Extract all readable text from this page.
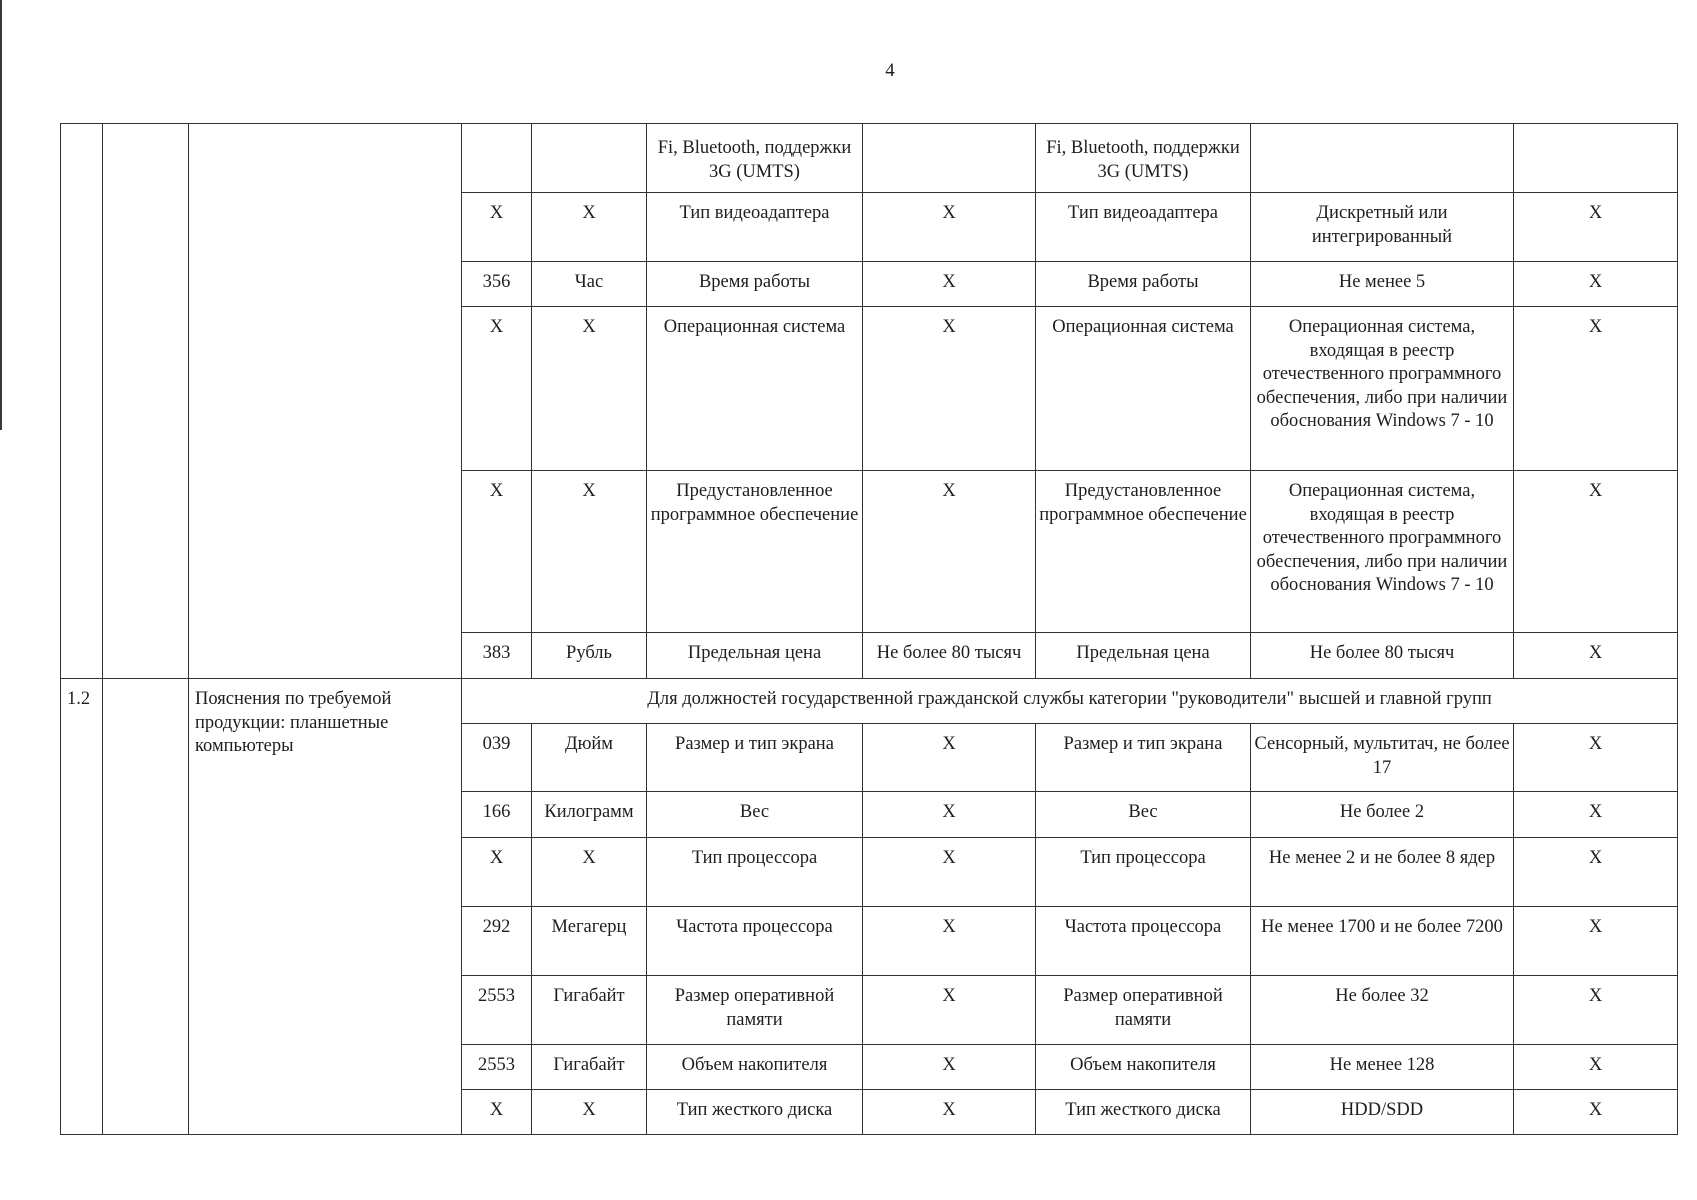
4
					Fi, Bluetooth, поддержки 3G (UMTS)		Fi, Bluetooth, поддержки 3G (UMTS)		
			X	X	Тип видеоадаптера	X	Тип видеоадаптера	Дискретный или интегрированный	X
			356	Час	Время работы	X	Время работы	Не менее 5	X
			X	X	Операционная система	X	Операционная система	Операционная система, входящая в реестр отечественного программного обеспечения, либо при наличии обоснования Windows 7 - 10	X
			X	X	Предустановленное программное обеспечение	X	Предустановленное программное обеспечение	Операционная система, входящая в реестр отечественного программного обеспечения, либо при наличии обоснования Windows 7 - 10	X
			383	Рубль	Предельная цена	Не более 80 тысяч	Предельная цена	Не более 80 тысяч	X
1.2		Пояснения по требуемой продукции: планшетные компьютеры	Для должностей государственной гражданской службы категории "руководители" высшей и главной групп						
			039	Дюйм	Размер и тип экрана	X	Размер и тип экрана	Сенсорный, мультитач, не более 17	X
			166	Килограмм	Вес	X	Вес	Не более 2	X
			X	X	Тип процессора	X	Тип процессора	Не менее 2 и не более 8 ядер	X
			292	Мегагерц	Частота процессора	X	Частота процессора	Не менее 1700 и не более 7200	X
			2553	Гигабайт	Размер оперативной памяти	X	Размер оперативной памяти	Не более 32	X
			2553	Гигабайт	Объем накопителя	X	Объем накопителя	Не менее 128	X
			X	X	Тип жесткого диска	X	Тип жесткого диска	HDD/SDD	X
